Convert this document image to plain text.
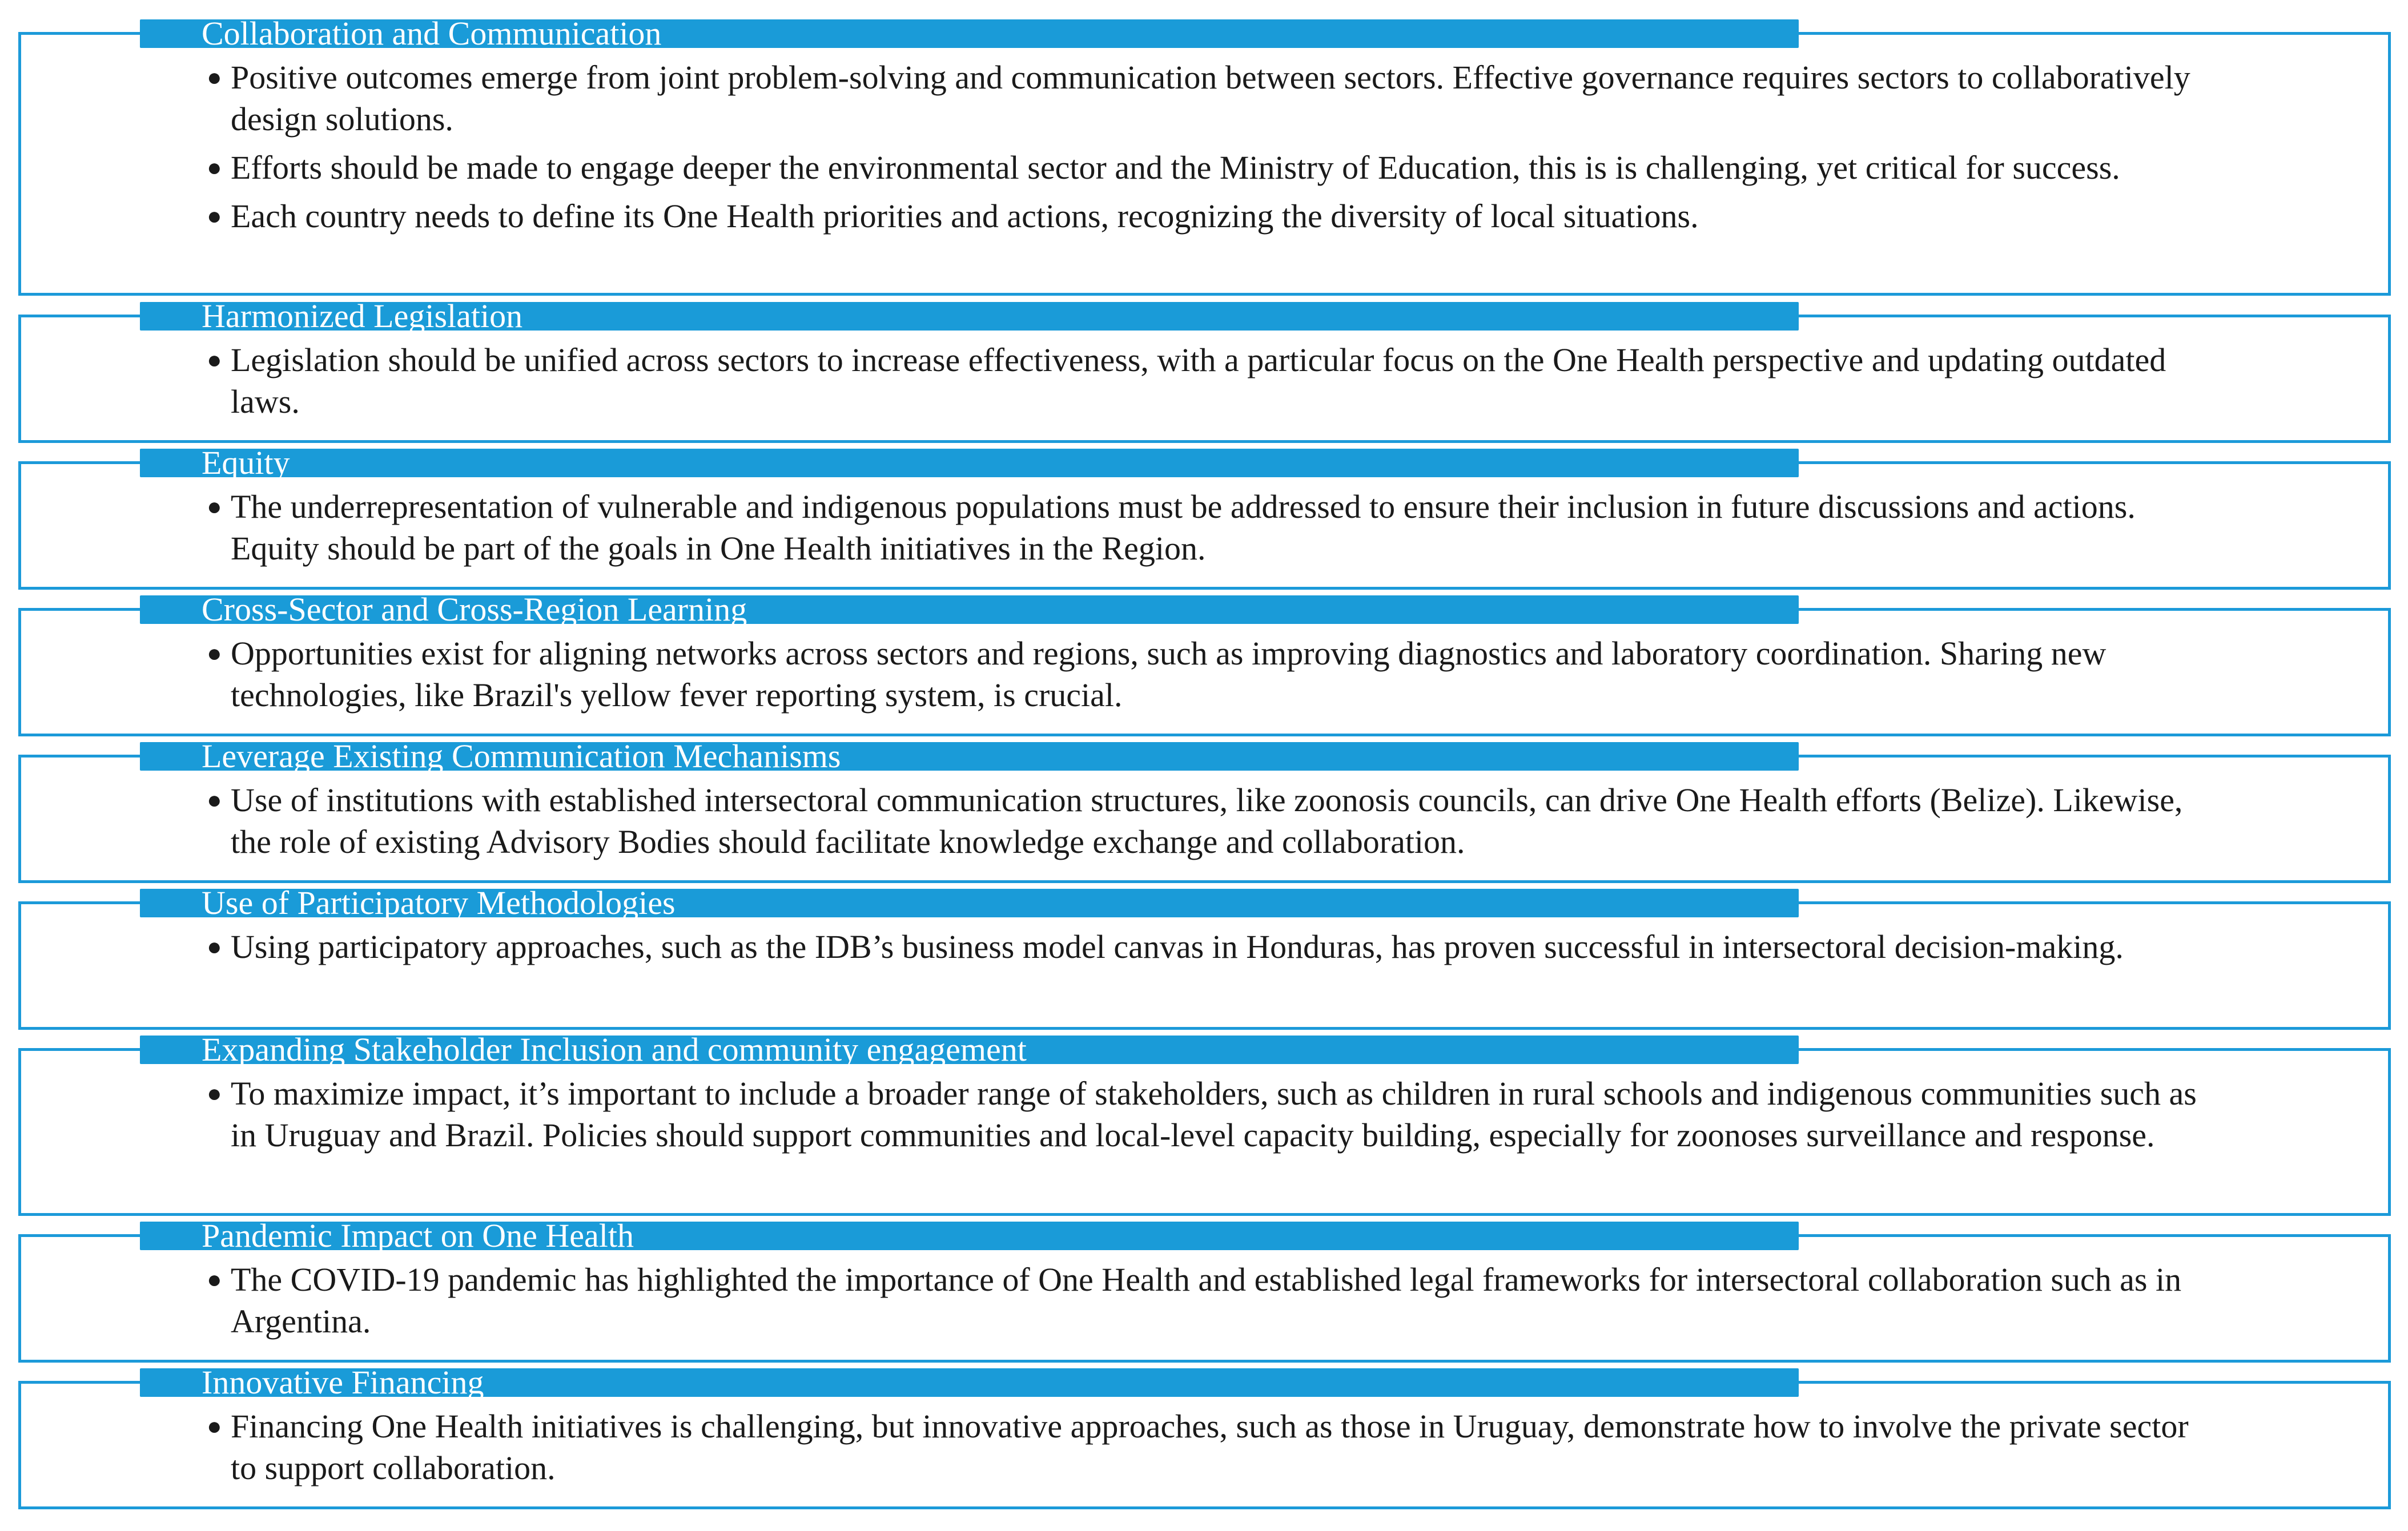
Collaboration and Communication
● Positive outcomes emerge from joint problem-solving and communication between sectors. Effective governance requires sectors to collaboratively design solutions.
● Efforts should be made to engage deeper the environmental sector and the Ministry of Education, this is is challenging, yet critical for success.
● Each country needs to define its One Health priorities and actions, recognizing the diversity of local situations.
Harmonized Legislation
● Legislation should be unified across sectors to increase effectiveness, with a particular focus on the One Health perspective and updating outdated laws.
Equity
● The underrepresentation of vulnerable and indigenous populations must be addressed to ensure their inclusion in future discussions and actions. Equity should be part of the goals in One Health initiatives in the Region.
Cross-Sector and Cross-Region Learning
● Opportunities exist for aligning networks across sectors and regions, such as improving diagnostics and laboratory coordination. Sharing new technologies, like Brazil's yellow fever reporting system, is crucial.
Leverage Existing Communication Mechanisms
● Use of institutions with established intersectoral communication structures, like zoonosis councils, can drive One Health efforts (Belize). Likewise, the role of existing Advisory Bodies should facilitate knowledge exchange and collaboration.
Use of Participatory Methodologies
● Using participatory approaches, such as the IDB’s business model canvas in Honduras, has proven successful in intersectoral decision-making.
Expanding Stakeholder Inclusion and community engagement
● To maximize impact, it’s important to include a broader range of stakeholders, such as children in rural schools and indigenous communities such as in Uruguay and Brazil. Policies should support communities and local-level capacity building, especially for zoonoses surveillance and response.
Pandemic Impact on One Health
● The COVID-19 pandemic has highlighted the importance of One Health and established legal frameworks for intersectoral collaboration such as in Argentina.
Innovative Financing
● Financing One Health initiatives is challenging, but innovative approaches, such as those in Uruguay, demonstrate how to involve the private sector to support collaboration.
